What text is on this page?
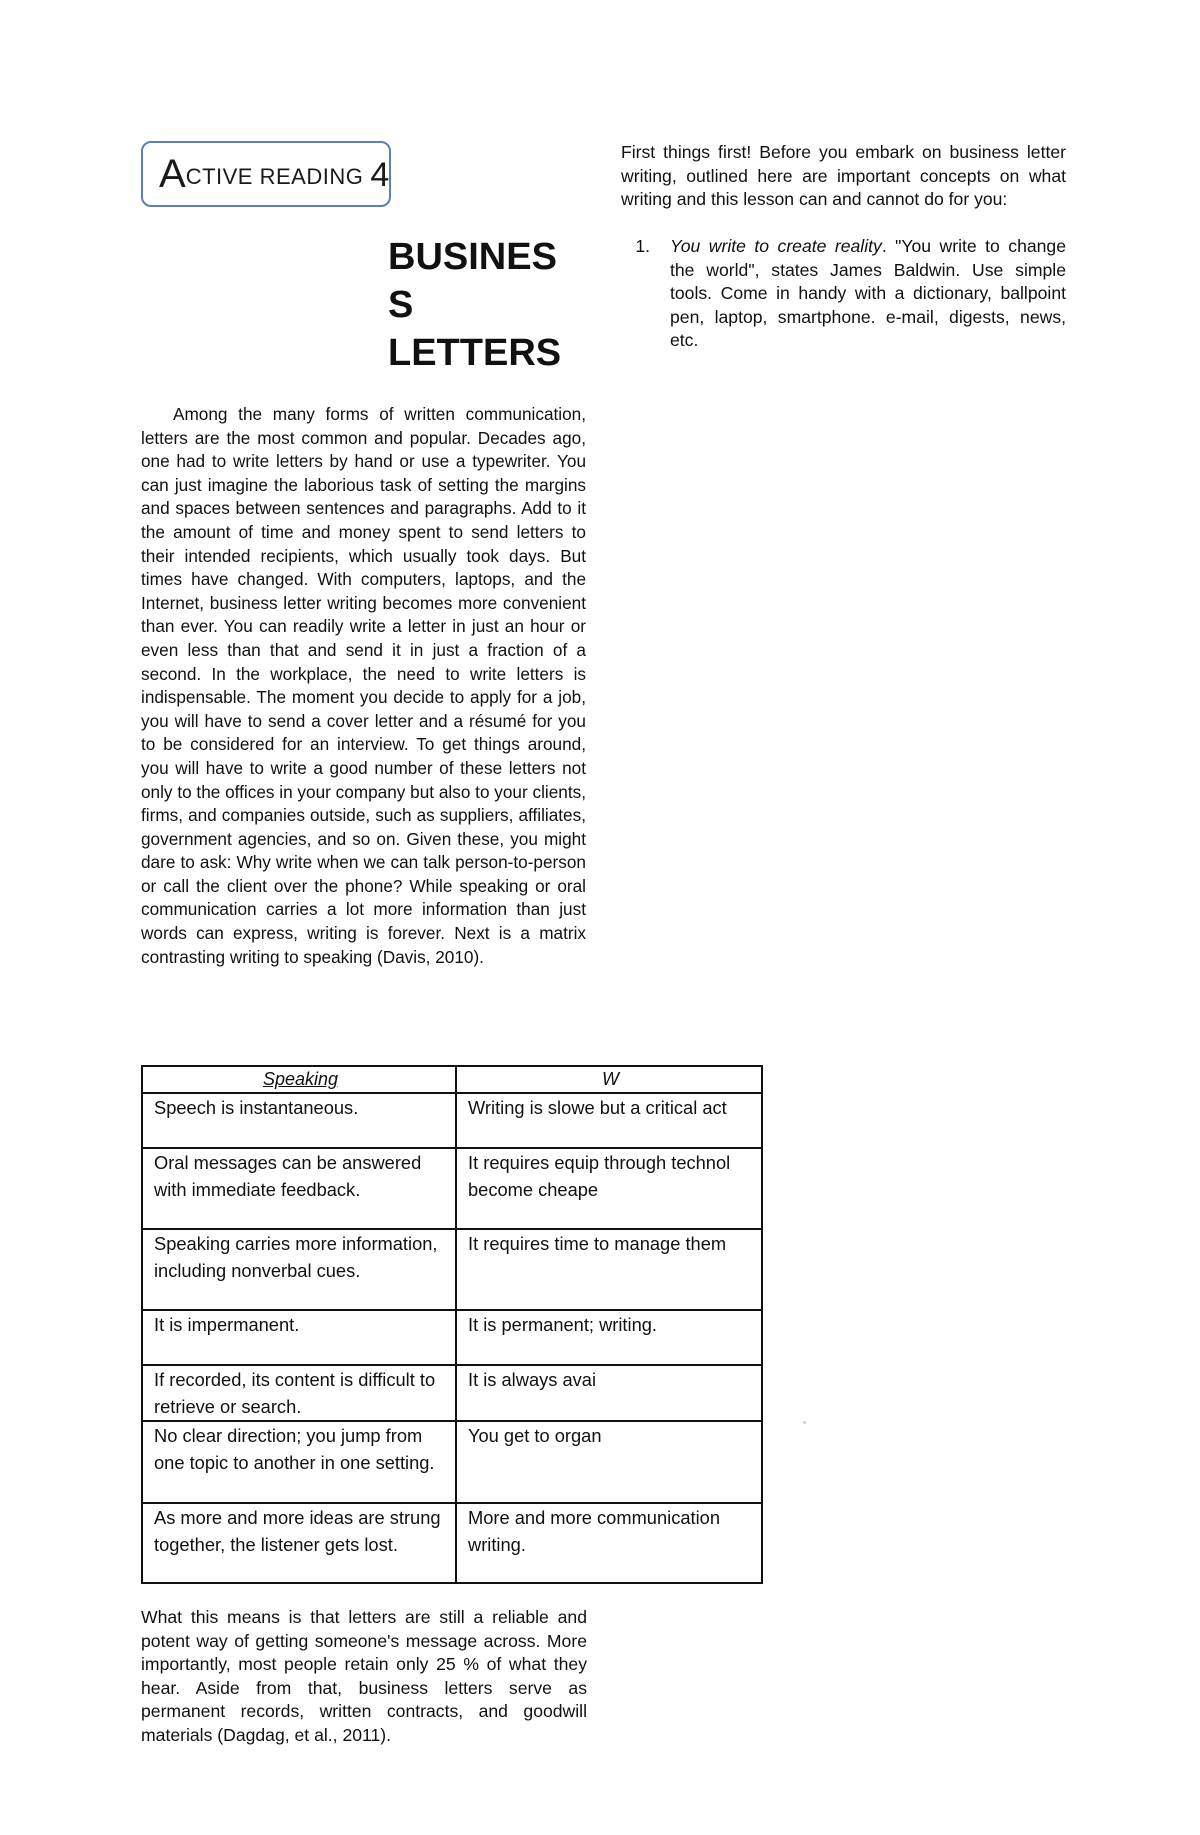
A CTIVE READING 4
BUSINES
S
LETTERS

Among the many forms of written communication, letters are the most common and popular. Decades ago, one had to write letters by hand or use a typewriter. You can just imagine the laborious task of setting the margins and spaces between sentences and paragraphs. Add to it the amount of time and money spent to send letters to their intended recipients, which usually took days. But times have changed. With computers, laptops, and the Internet, business letter writing becomes more convenient than ever. You can readily write a letter in just an hour or even less than that and send it in just a fraction of a second. In the workplace, the need to write letters is indispensable. The moment you decide to apply for a job, you will have to send a cover letter and a résumé for you to be considered for an interview. To get things around, you will have to write a good number of these letters not only to the offices in your company but also to your clients, firms, and companies outside, such as suppliers, affiliates, government agencies, and so on. Given these, you might dare to ask: Why write when we can talk person-to-person or call the client over the phone? While speaking or oral communication carries a lot more information than just words can express, writing is forever. Next is a matrix contrasting writing to speaking (Davis, 2010).

Speaking	W
Speech is instantaneous.	Writing is slowe but a critical act
Oral messages can be answered with immediate feedback.	It requires equip through technol become cheape
Speaking carries more information, including nonverbal cues.	It requires time to manage them
It is impermanent.	It is permanent; writing.
If recorded, its content is difficult to retrieve or search.	It is always avai
No clear direction; you jump from one topic to another in one setting.	You get to organ
As more and more ideas are strung together, the listener gets lost.	More and more communication writing.

What this means is that letters are still a reliable and potent way of getting someone's message across. More importantly, most people retain only 25 % of what they hear. Aside from that, business letters serve as permanent records, written contracts, and goodwill materials (Dagdag, et al., 2011).

First things first! Before you embark on business letter writing, outlined here are important concepts on what writing and this lesson can and cannot do for you:

1.	You write to create reality. "You write to change the world", states James Baldwin. Use simple tools. Come in handy with a dictionary, ballpoint pen, laptop, smartphone. e-mail, digests, news, etc.
